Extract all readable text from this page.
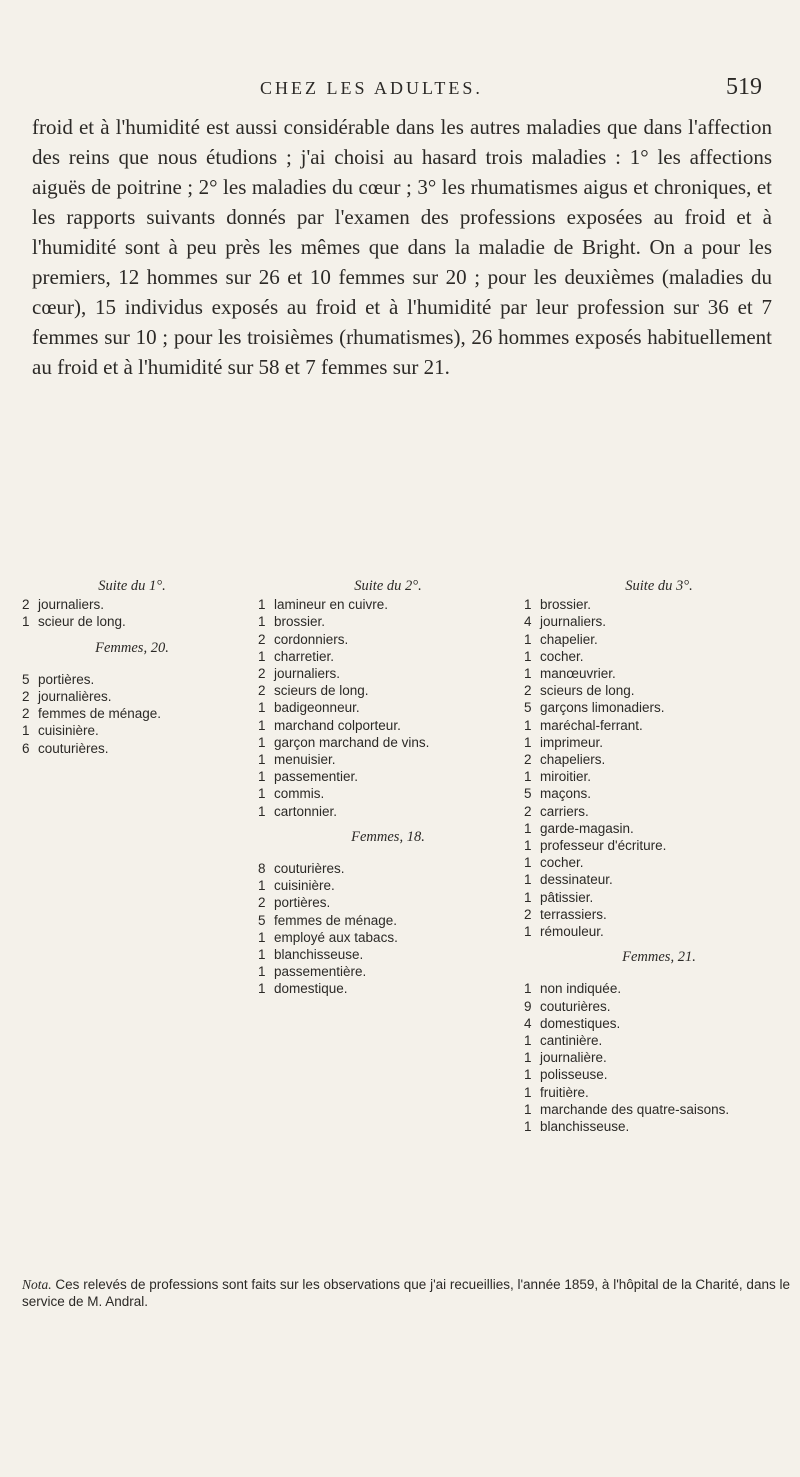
CHEZ LES ADULTES.	519

froid et à l'humidité est aussi considérable dans les autres maladies que dans l'affection des reins que nous étudions ; j'ai choisi au hasard trois maladies : 1° les affections aiguës de poitrine ; 2° les maladies du cœur ; 3° les rhumatismes aigus et chroniques, et les rapports suivants donnés par l'examen des professions exposées au froid et à l'humidité sont à peu près les mêmes que dans la maladie de Bright. On a pour les premiers, 12 hommes sur 26 et 10 femmes sur 20 ; pour les deuxièmes (maladies du cœur), 15 individus exposés au froid et à l'humidité par leur profession sur 36 et 7 femmes sur 10 ; pour les troisièmes (rhumatismes), 26 hommes exposés habituellement au froid et à l'humidité sur 58 et 7 femmes sur 21.

Suite du 1°.
2 journaliers.
1 scieur de long.
Femmes, 20.
5 portières.
2 journalières.
2 femmes de ménage.
1 cuisinière.
6 couturières.
Suite du 2°.
1 lamineur en cuivre.
1 brossier.
2 cordonniers.
1 charretier.
2 journaliers.
2 scieurs de long.
1 badigeonneur.
1 marchand colporteur.
1 garçon marchand de vins.
1 menuisier.
1 passementier.
1 commis.
1 cartonnier.
Femmes, 18.
8 couturières.
1 cuisinière.
2 portières.
5 femmes de ménage.
1 employé aux tabacs.
1 blanchisseuse.
1 passementière.
1 domestique.
Suite du 3°.
1 brossier.
4 journaliers.
1 chapelier.
1 cocher.
1 manœuvrier.
2 scieurs de long.
5 garçons limonadiers.
1 maréchal-ferrant.
1 imprimeur.
2 chapeliers.
1 miroitier.
5 maçons.
2 carriers.
1 garde-magasin.
1 professeur d'écriture.
1 cocher.
1 dessinateur.
1 pâtissier.
2 terrassiers.
1 rémouleur.
Femmes, 21.
1 non indiquée.
9 couturières.
4 domestiques.
1 cantinière.
1 journalière.
1 polisseuse.
1 fruitière.
1 marchande des quatre-saisons.
1 blanchisseuse.
Nota. Ces relevés de professions sont faits sur les observations que j'ai recueillies, l'année 1859, à l'hôpital de la Charité, dans le service de M. Andral.
